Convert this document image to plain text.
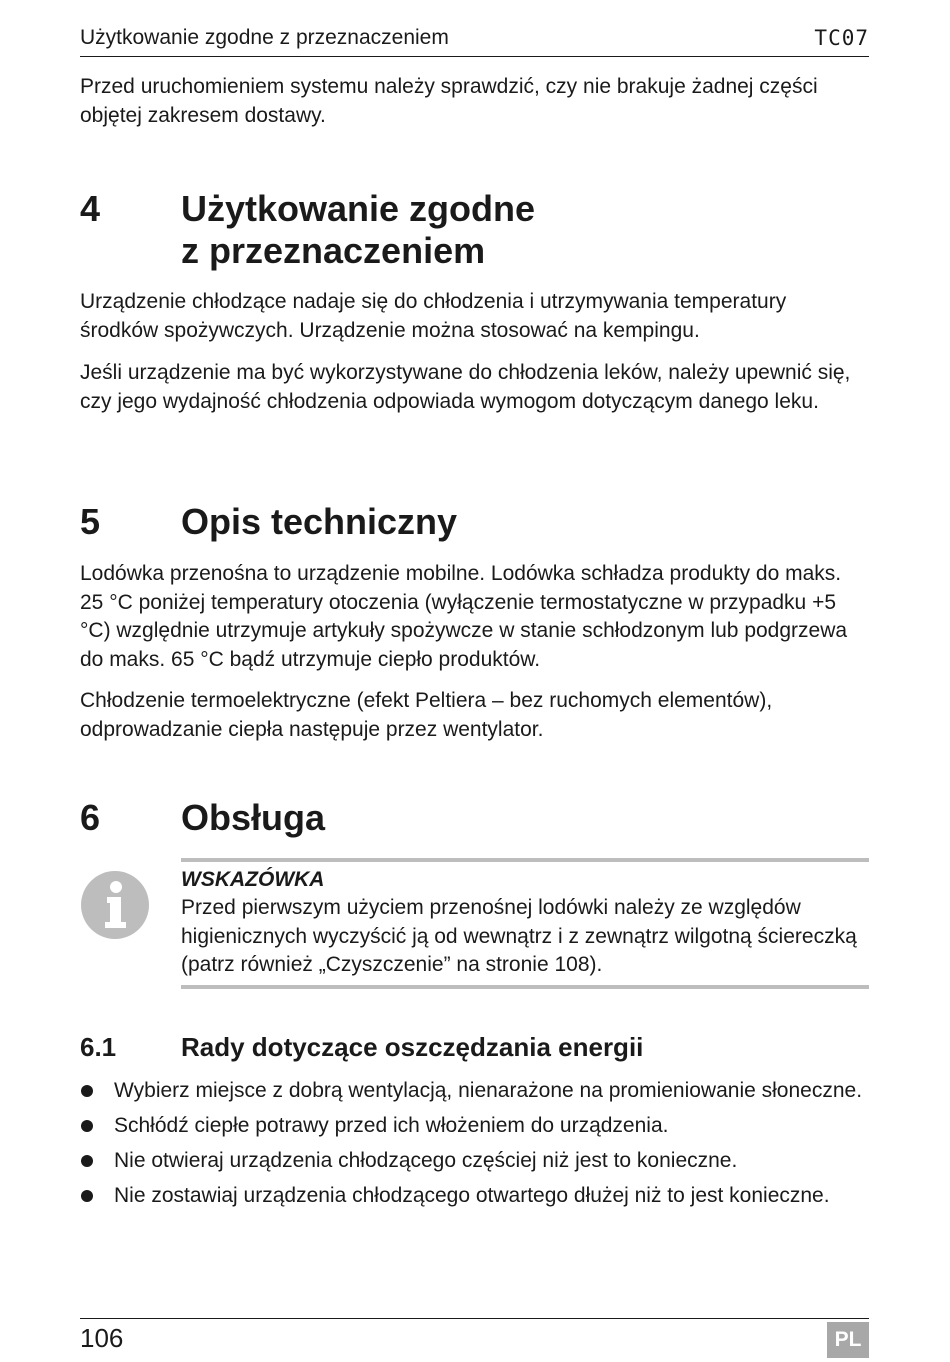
Użytkowanie zgodne z przeznaczeniem	TC07

Przed uruchomieniem systemu należy sprawdzić, czy nie brakuje żadnej części objętej zakresem dostawy.

4 Użytkowanie zgodne
z przeznaczeniem

Urządzenie chłodzące nadaje się do chłodzenia i utrzymywania temperatury środków spożywczych. Urządzenie można stosować na kempingu.

Jeśli urządzenie ma być wykorzystywane do chłodzenia leków, należy upewnić się, czy jego wydajność chłodzenia odpowiada wymogom dotyczącym danego leku.

5 Opis techniczny

Lodówka przenośna to urządzenie mobilne. Lodówka schładza produkty do maks. 25 °C poniżej temperatury otoczenia (wyłączenie termostatyczne w przypadku +5 °C) względnie utrzymuje artykuły spożywcze w stanie schłodzonym lub podgrzewa do maks. 65 °C bądź utrzymuje ciepło produktów.

Chłodzenie termoelektryczne (efekt Peltiera – bez ruchomych elementów), odprowadzanie ciepła następuje przez wentylator.

6 Obsługa
WSKAZÓWKA
Przed pierwszym użyciem przenośnej lodówki należy ze względów higienicznych wyczyścić ją od wewnątrz i z zewnątrz wilgotną ściereczką (patrz również „Czyszczenie” na stronie 108).
6.1 Rady dotyczące oszczędzania energii
Wybierz miejsce z dobrą wentylacją, nienarażone na promieniowanie słoneczne.
Schłódź ciepłe potrawy przed ich włożeniem do urządzenia.
Nie otwieraj urządzenia chłodzącego częściej niż jest to konieczne.
Nie zostawiaj urządzenia chłodzącego otwartego dłużej niż to jest konieczne.
106	PL
